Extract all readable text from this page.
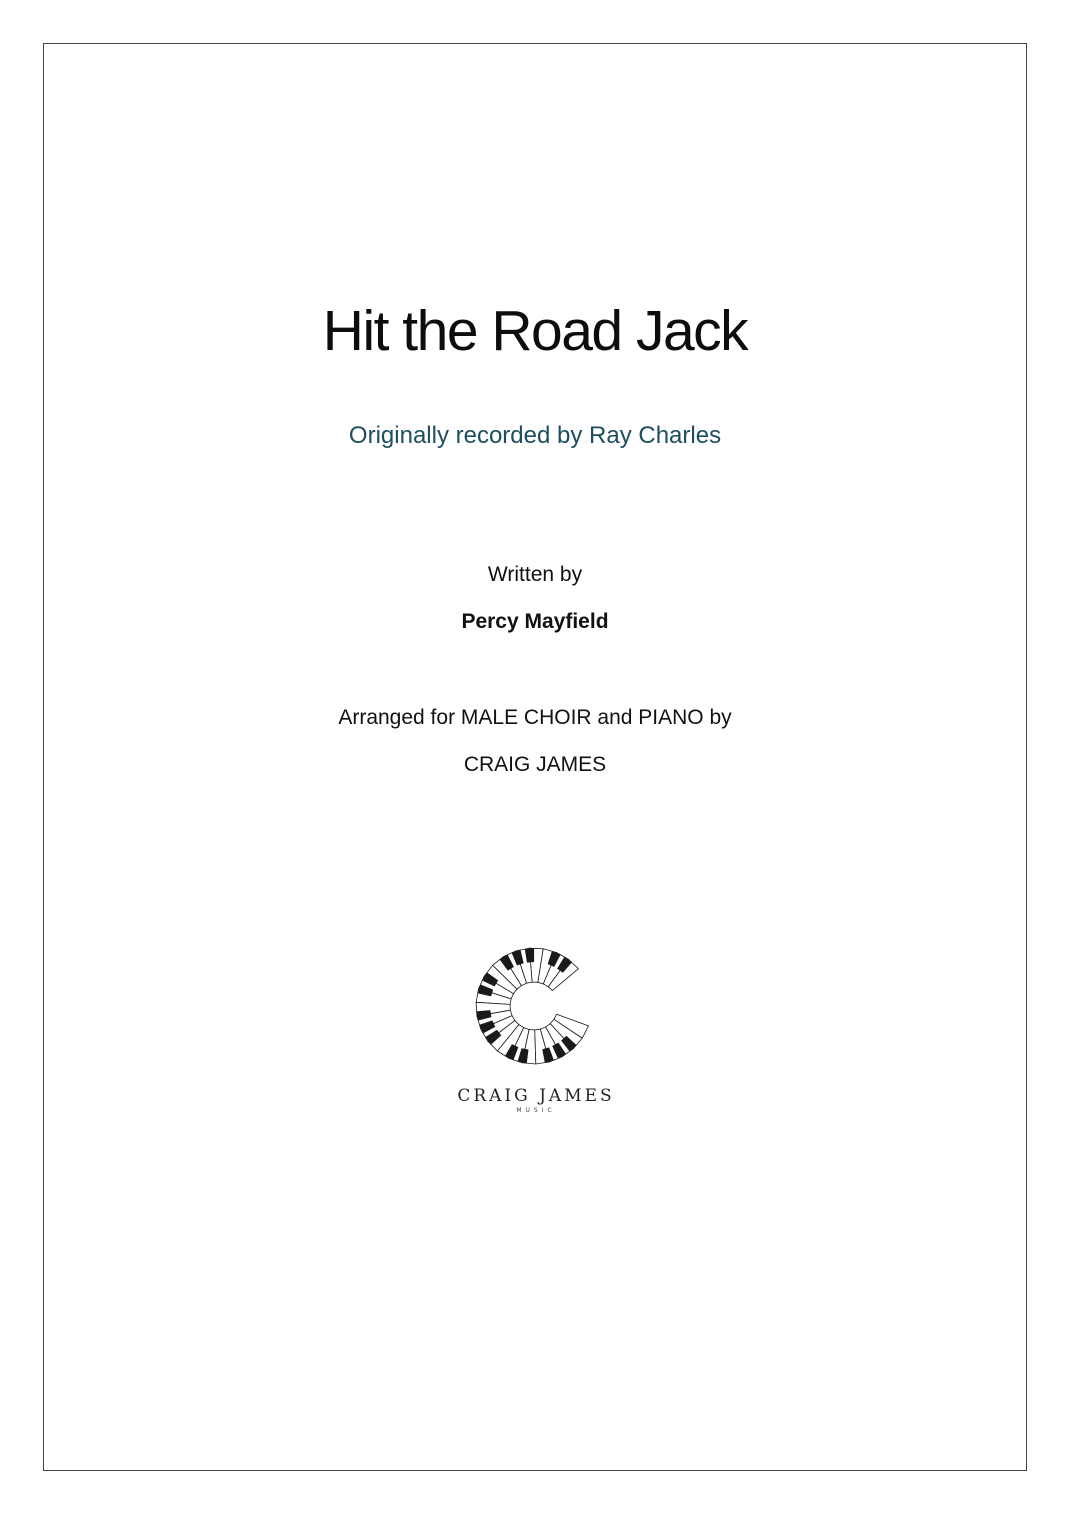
Hit the Road Jack
Originally recorded by Ray Charles
Written by
Percy Mayfield
Arranged for MALE CHOIR and PIANO by
CRAIG JAMES
CRAIG JAMES
MUSIC
